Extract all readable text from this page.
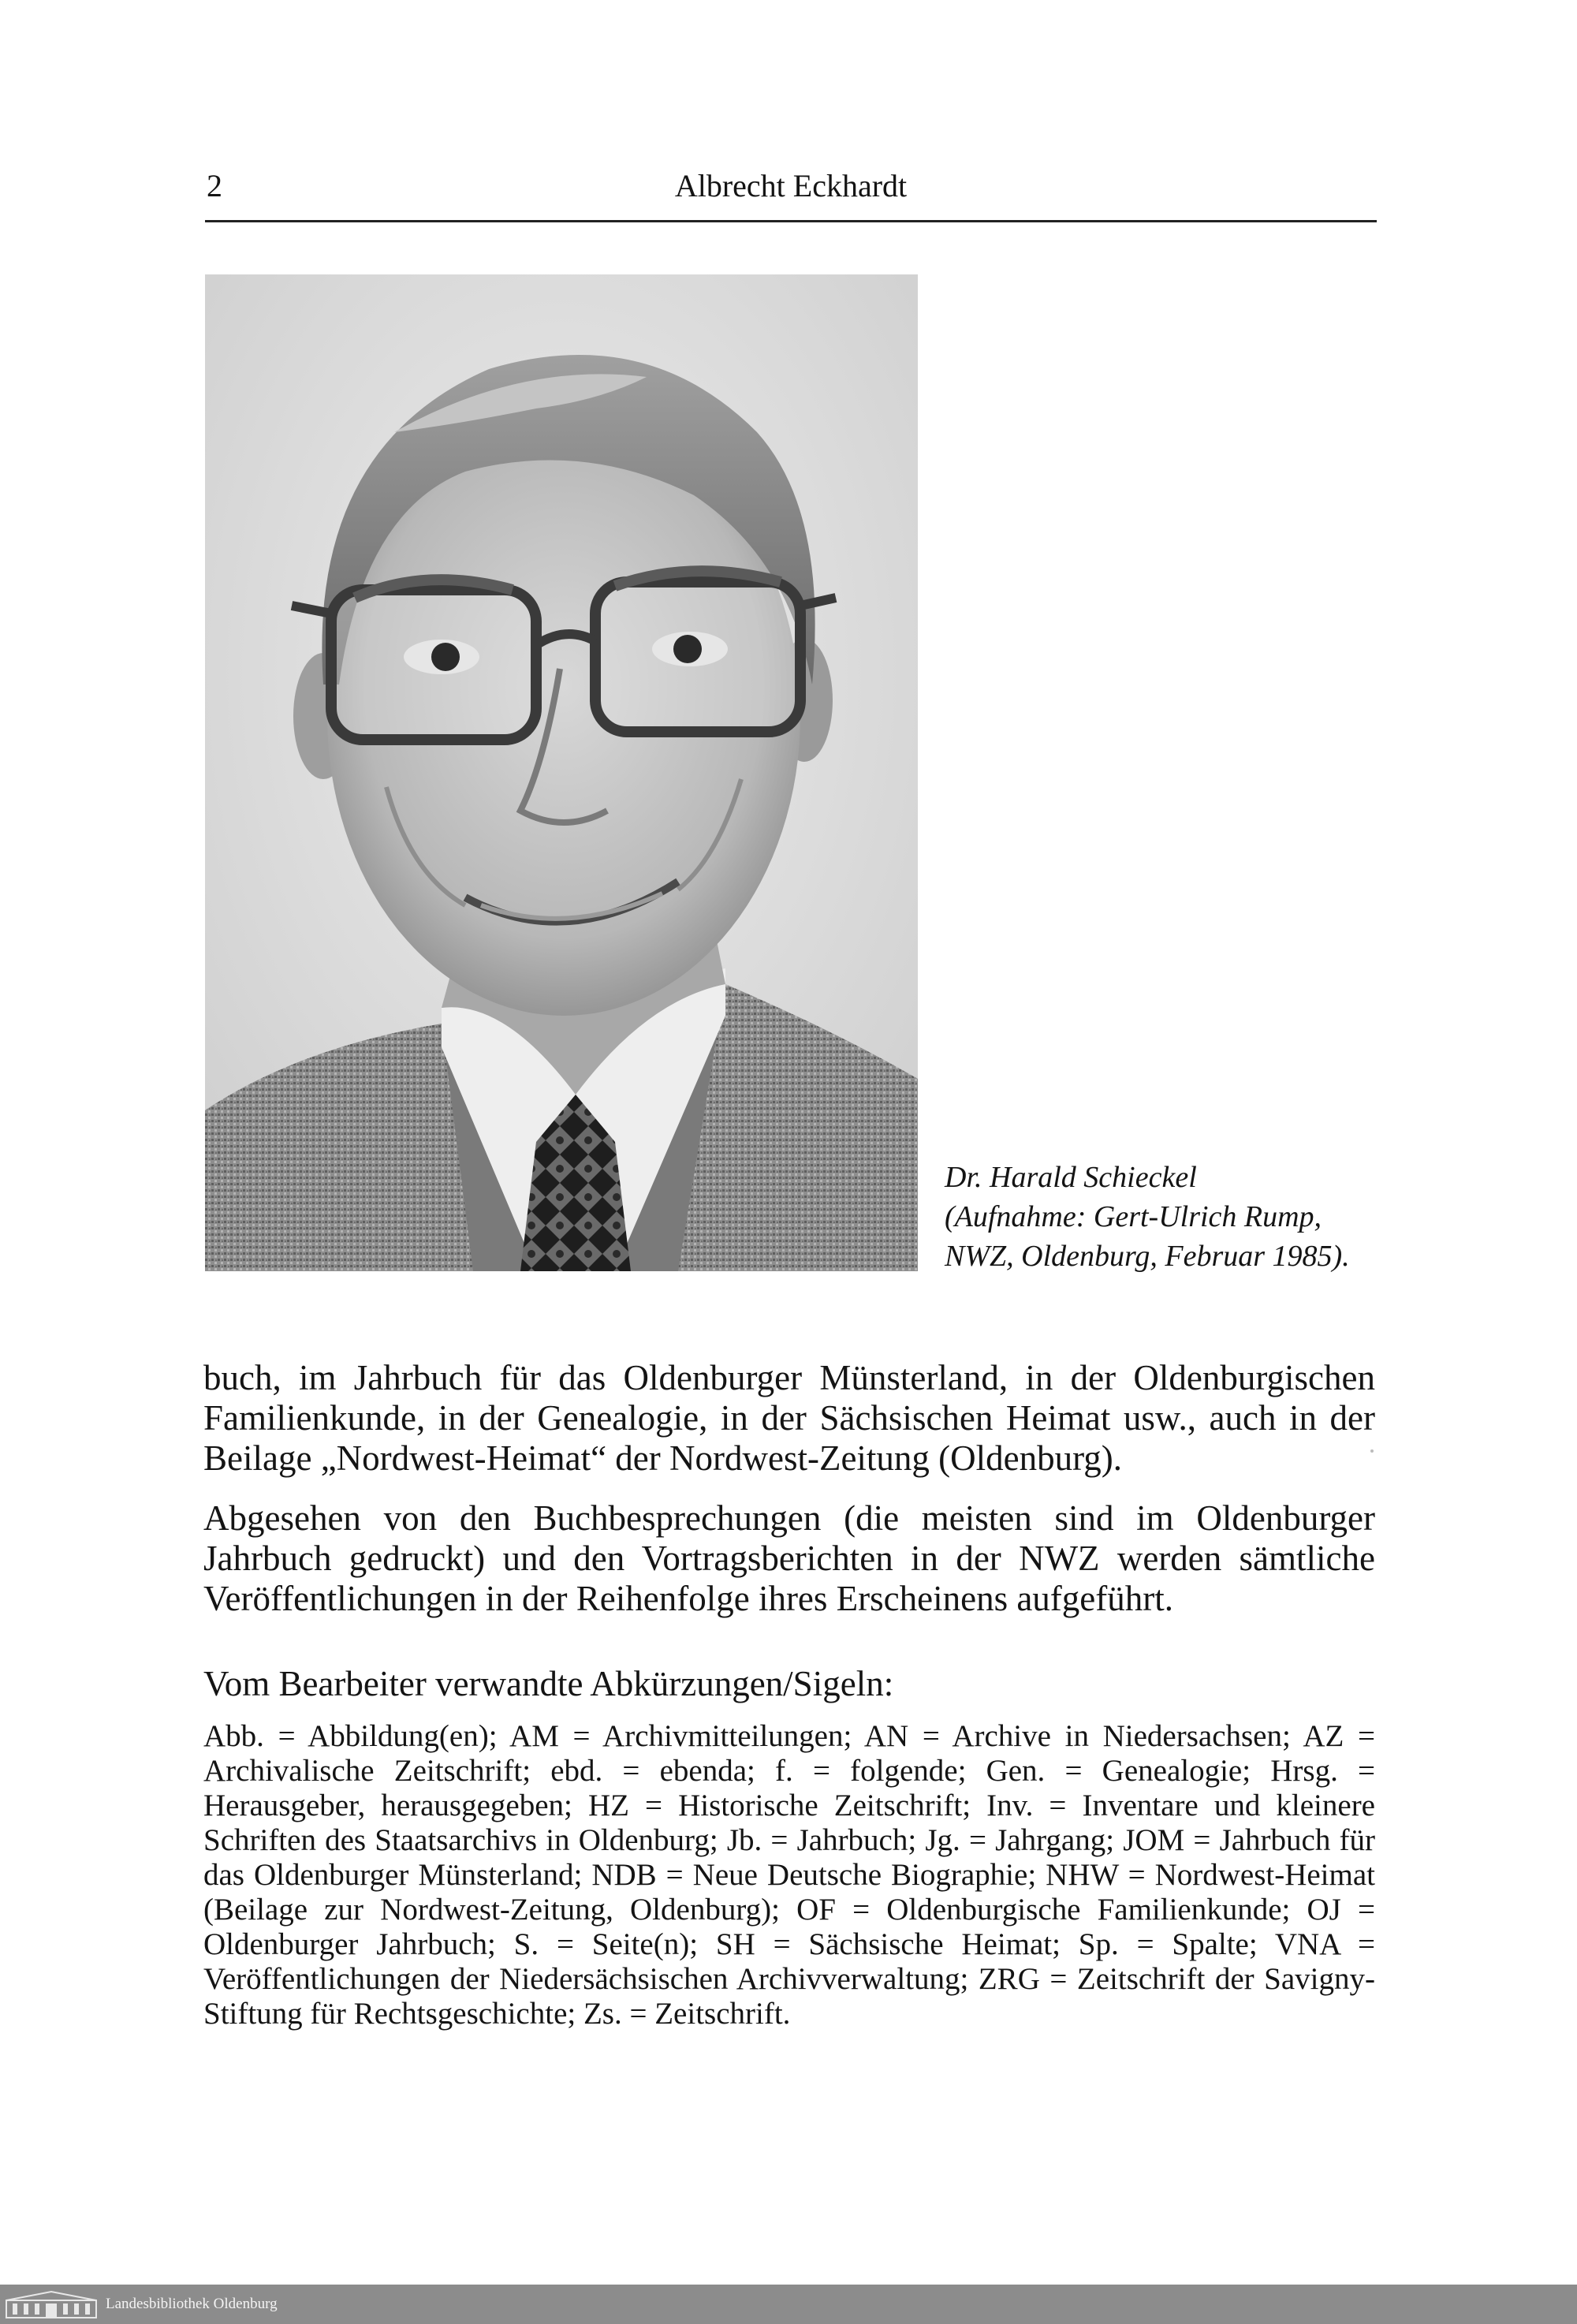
2	Albrecht Eckhardt
Dr. Harald Schieckel
(Aufnahme: Gert-Ulrich Rump,
NWZ, Oldenburg, Februar 1985).

buch, im Jahrbuch für das Oldenburger Münsterland, in der Oldenburgischen Familienkunde, in der Genealogie, in der Sächsischen Heimat usw., auch in der Beilage „Nordwest-Heimat“ der Nordwest-Zeitung (Oldenburg).

Abgesehen von den Buchbesprechungen (die meisten sind im Oldenburger Jahrbuch gedruckt) und den Vortragsberichten in der NWZ werden sämtliche Veröffentlichungen in der Reihenfolge ihres Erscheinens aufgeführt.

Vom Bearbeiter verwandte Abkürzungen/Sigeln:

Abb. = Abbildung(en); AM = Archivmitteilungen; AN = Archive in Niedersachsen; AZ = Archivalische Zeitschrift; ebd. = ebenda; f. = folgende; Gen. = Genealogie; Hrsg. = Herausgeber, herausgegeben; HZ = Historische Zeitschrift; Inv. = Inventare und kleinere Schriften des Staatsarchivs in Oldenburg; Jb. = Jahrbuch; Jg. = Jahrgang; JOM = Jahrbuch für das Oldenburger Münsterland; NDB = Neue Deutsche Biographie; NHW = Nordwest-Heimat (Beilage zur Nordwest-Zeitung, Oldenburg); OF = Oldenburgische Familienkunde; OJ = Oldenburger Jahrbuch; S. = Seite(n); SH = Sächsische Heimat; Sp. = Spalte; VNA = Veröffentlichungen der Niedersächsischen Archivverwaltung; ZRG = Zeitschrift der Savigny-Stiftung für Rechtsgeschichte; Zs. = Zeitschrift.

Landesbibliothek Oldenburg
